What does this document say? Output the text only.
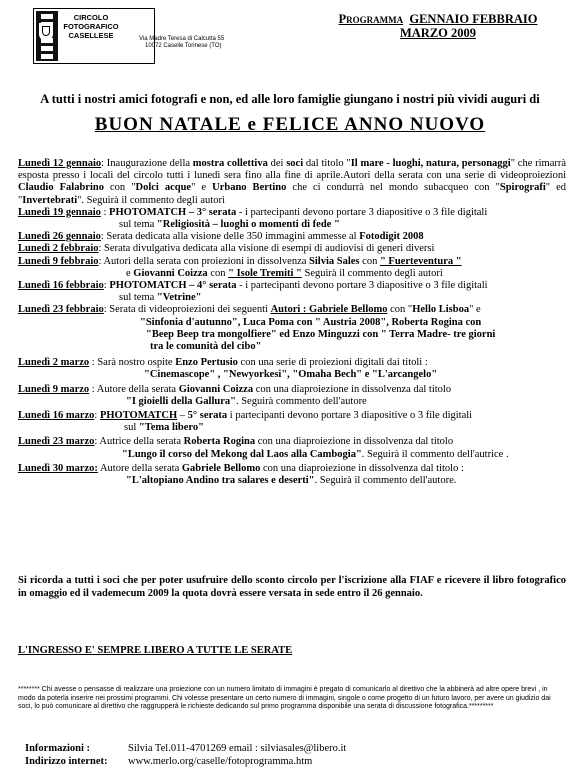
CIRCOLO
FOTOGRAFICO
CASELLESE	Via Madre Teresa di Calcutta 55
10072 Caselle Torinese (TO)
Programma GENNAIO FEBBRAIO
MARZO 2009
A tutti i nostri amici fotografi e non, ed alle loro famiglie giungano i nostri più vividi auguri di
BUON NATALE e FELICE ANNO NUOVO
Lunedì 12 gennaio: Inaugurazione della mostra collettiva dei soci dal titolo "Il mare - luoghi, natura, personaggi" che rimarrà esposta presso i locali del circolo tutti i lunedì sera fino alla fine di aprile.Autori della serata con una serie di videoproiezioni Claudio Falabrino con "Dolci acque" e Urbano Bertino che ci condurrà nel mondo subacqueo con "Spirografi" ed "Invertebrati". Seguirà il commento degli autori
Lunedì 19 gennaio : PHOTOMATCH – 3° serata - i partecipanti devono portare 3 diapositive o 3 file digitali
sul tema "Religiosità – luoghi o momenti di fede "
Lunedì 26 gennaio: Serata dedicata alla visione delle 350 immagini ammesse al Fotodigit 2008
Lunedì 2 febbraio: Serata divulgativa dedicata alla visione di esempi di audiovisi di generi diversi
Lunedì 9 febbraio: Autori della serata con proiezioni in dissolvenza Silvia Sales con " Fuerteventura "
e Giovanni Coizza con " Isole Tremiti " Seguirà il commento degli autori
Lunedì 16 febbraio: PHOTOMATCH – 4° serata - i partecipanti devono portare 3 diapositive o 3 file digitali
sul tema "Vetrine"
Lunedì 23 febbraio: Serata di videoproiezioni dei seguenti Autori : Gabriele Bellomo con "Hello Lisboa" e
"Sinfonia d'autunno", Luca Poma con " Austria 2008", Roberta Rogina con
"Beep Beep tra mongolfiere" ed Enzo Minguzzi con " Terra Madre- tre giorni
tra le comunità del cibo"
Lunedì 2 marzo : Sarà nostro ospite Enzo Pertusio con una serie di proiezioni digitali dai titoli :
"Cinemascope" , "Newyorkesi", "Omaha Bech" e "L'arcangelo"
Lunedì 9 marzo : Autore della serata Giovanni Coizza con una diaproiezione in dissolvenza dal titolo
"I gioielli della Gallura". Seguirà commento dell'autore
Lunedì 16 marzo: PHOTOMATCH – 5° serata i partecipanti devono portare 3 diapositive o 3 file digitali
sul "Tema libero"
Lunedì 23 marzo: Autrice della serata Roberta Rogina con una diaproiezione in dissolvenza dal titolo
"Lungo il corso del Mekong dal Laos alla Cambogia". Seguirà il commento dell'autrice .
Lunedì 30 marzo: Autore della serata Gabriele Bellomo con una diaproiezione in dissolvenza dal titolo :
"L'altopiano Andino tra salares e deserti". Seguirà il commento dell'autore.
Si ricorda a tutti i soci che per poter usufruire dello sconto circolo per l'iscrizione alla FIAF e ricevere il libro fotografico in omaggio ed il vademecum 2009 la quota dovrà essere versata in sede entro il 26 gennaio.
L'INGRESSO E' SEMPRE LIBERO A TUTTE LE SERATE
******** Chi avesse o pensasse di realizzare una proiezione con un numero limitato di immagini è pregato di comunicarlo al direttivo che la abbinerà ad altre opere brevi , in modo da poterla inserire nei prossimi programmi. Chi volesse presentare un certo numero di immagini, singole o come progetto di un futuro lavoro, per avere un giudizio dai soci, lo può comunicare al direttivo che raggrupperà le richieste dedicando sul primo programma disponibile una serata di discussione fotografica.*********
Informazioni :	Silvia Tel.011-4701269 email : silviasales@libero.it
Indirizzo internet: www.merlo.org/caselle/fotoprogramma.htm
